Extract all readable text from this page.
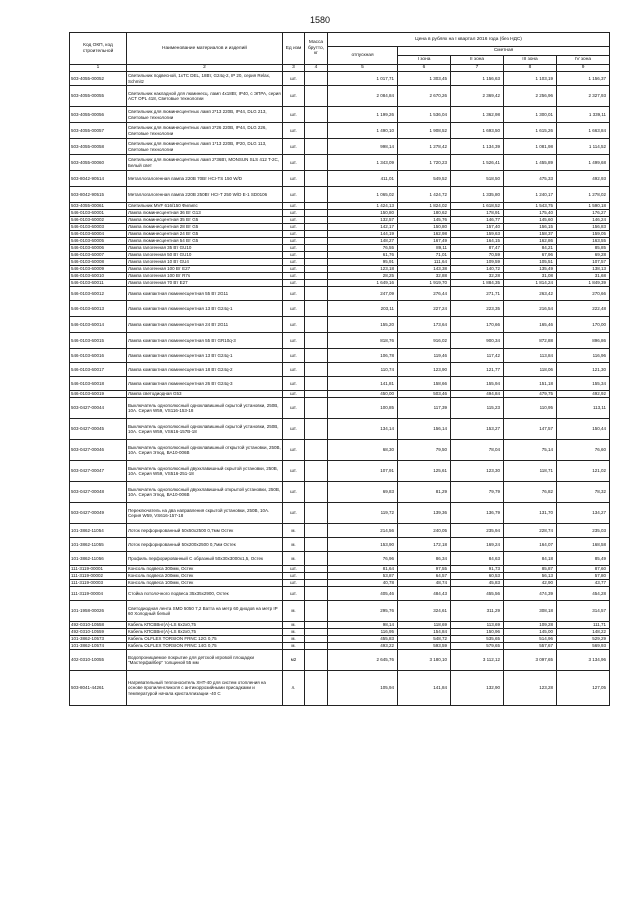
1580
Код ОКП, код строительной	Наименование материалов и изделий	Ед изм	Масса брутто, кг	Цена в рублях на I квартал 2016 года (без НДС)				
				отпускная	Сметная			
					I зона	II зона	III зона	IV зона
1	2	3	4	5	6	7	8	9
503-4055-00052	Светильник подвесной, 1хТС DEL, 18Вт, G24q-2, IP 20, серия Relax, Schmitz	шт.		1 017,71	1 303,45	1 156,63	1 103,19	1 156,37
503-4055-00055	Светильник накладной для люминесц. ламп 4х18Вт, IP40, с ЭПРА, серия ACT OPL 418, Световые технологии	шт.		2 084,84	2 670,26	2 369,42	2 256,96	2 327,93
503-4055-00056	Светильник для люминесцентных ламп 2*13 220В, IP44, DLG 213, Световые технологии	шт.		1 199,26	1 536,04	1 362,98	1 300,01	1 339,11
503-4055-00057	Светильник для люминесцентных ламп 2*26 220В, IP44, DLG 226, Световые технологии	шт.		1 490,10	1 908,52	1 693,50	1 615,26	1 663,84
503-4055-00058	Светильник для люминесцентных ламп 1*13 220В, IP20, DLG 113, Световые технологии	шт.		998,14	1 278,42	1 134,39	1 081,98	1 114,52
503-4055-00060	Светильник для люминесцентных ламп 2*36Вт, MONSUN SLS 412 T-2C, Белый свет	шт.		1 343,09	1 720,23	1 526,41	1 455,89	1 499,68
503-8042-90514	Металлогалогенная лампа 220В 70Вт HCI-TS 150 W/D	шт.		411,01	549,52	518,50	475,33	492,93
503-8042-90515	Металлогалогенная лампа 220В 250Вт HCI-T 250 W/D E-1 SD0106	шт.		1 065,02	1 424,72	1 335,80	1 240,17	1 278,02
503-4055-00061	Светильник MVF 616/150 Филипс	шт.		1 424,13	1 824,02	1 618,52	1 543,75	1 590,18
546-0103-60001	Лампа люминесцентная 36 Вт G13	шт.		150,80	180,62	178,91	175,40	176,27
546-0103-60002	Лампа люминесцентная 35 Вт G5	шт.		132,57	145,76	146,77	145,60	146,24
546-0103-60003	Лампа люминесцентная 28 Вт G5	шт.		142,17	150,80	157,40	156,15	156,83
546-0103-60004	Лампа люминесцентная 24 Вт G5	шт.		144,19	162,98	159,63	158,37	159,05
546-0103-60005	Лампа люминесцентная 54 Вт G5	шт.		148,27	167,49	164,15	162,86	163,55
546-0103-60006	Лампа галогенная 35 Вт GU10	шт.		76,55	89,11	87,47	84,21	85,85
546-0103-60007	Лампа галогенная 50 Вт GU10	шт.		61,76	71,01	70,59	67,96	69,28
546-0103-60008	Лампа галогенная 10 Вт GU4	шт.		95,91	111,64	109,59	105,51	107,57
546-0103-60009	Лампа галогенная 100 Вт E27	шт.		123,18	143,38	140,72	135,49	138,13
546-0103-60010	Лампа галогенная 100 Вт R7s	шт.		28,25	32,88	32,28	31,08	31,68
546-0103-60011	Лампа галогенная 70 Вт E27	шт.		1 649,16	1 919,70	1 884,35	1 814,24	1 849,39
546-0103-60012	Лампа компактная люминесцентная 55 Вт 2G11	шт.		247,09	276,44	271,71	263,42	270,66
546-0103-60013	Лампа компактная люминесцентная 13 Вт G24q-1	шт.		203,11	227,24	223,35	216,54	222,48
546-0103-60014	Лампа компактная люминесцентная 24 Вт 2G11	шт.		155,20	173,64	170,66	165,46	170,00
546-0103-60015	Лампа компактная люминесцентная 55 Вт GR10q-3	шт.		818,76	916,02	900,34	872,88	896,86
546-0103-60016	Лампа компактная люминесцентная 13 Вт G24q-1	шт.		106,78	119,46	117,42	113,84	116,96
546-0103-60017	Лампа компактная люминесцентная 18 Вт G24q-2	шт.		110,74	123,90	121,77	118,06	121,30
546-0103-60018	Лампа компактная люминесцентная 26 Вт G24q-3	шт.		141,81	158,66	155,94	151,18	155,34
546-0103-60019	Лампа светодиодная G53	шт.		450,00	503,46	494,84	479,75	492,92
503-0427-00044	Выключатель однополюсный одноклавишный скрытой установки, 250В, 10А. Серия W59, VS116-153-18	шт.		100,85	117,39	115,23	110,95	113,11
503-0427-00045	Выключатель однополюсный одноклавишный скрытой установки, 250В, 10А. Серия W59, VS616-157B-18	шт.		134,14	156,14	153,27	147,57	150,44
503-0427-00046	Выключатель однополюсный одноклавишный открытой установки, 250В, 10А. Серия Этюд, ВА10-006В	шт.		68,30	79,50	78,04	75,14	76,60
503-0427-00047	Выключатель однополюсный двухклавишный скрытой установки, 250В, 10А. Серия W59, VS516-251-18	шт.		107,91	125,61	123,30	118,71	121,02
503-0427-00048	Выключатель однополюсный двухклавишный открытой установки, 250В, 10А. Серия Этюд, ВА10-006В	шт.		69,83	81,29	79,79	76,82	78,32
503-0427-00049	Переключатель на два направления скрытой установки, 250В, 10А. Серия W59, VS616-157-18	шт.		119,72	139,36	136,79	131,70	134,27
101-3862-11054	Лоток перфорированный 50х50х2500 0,7мм Остек	м.		214,56	240,05	235,94	228,74	235,03
101-3862-11055	Лоток перфорированный 50х200х2500 0,7мм Остек	м.		153,90	172,18	169,24	164,07	168,58
101-3862-11056	Профиль перфорированный С образный 50х30х3000х1,5, Остек	м.		76,96	86,34	84,63	84,18	85,49
111-3119-00001	Консоль подвеса 300мм, Остек	шт.		81,64	97,55	91,73	85,87	87,60
111-3119-00002	Консоль подвеса 200мм, Остек	шт.		53,87	64,57	60,53	56,13	57,80
111-3119-00003	Консоль подвеса 100мм, Остек	шт.		40,78	48,74	45,83	42,90	43,77
111-3119-00004	Стойка потолочного подвеса 35х35х2900, Остек	шт.		405,46	484,43	455,56	474,39	454,28
101-1958-00026	Светодиодная лента SMD 5050 7,2 Ватта на метр 60 диодов на метр IP 60 Холодный белый	м.		295,76	324,61	311,29	308,18	314,57
492-0310-10558	Кабель КПСВВнг(А)-LS 6х2х0,75	м.		98,14	118,69	113,69	109,28	111,71
492-0310-10559	Кабель КПСВВнг(А)-LS 8х2х0,75	м.		116,95	154,84	150,96	145,00	148,22
101-3862-10573	Кабель OLFLEX TORSION FRNC 12G 0,75	м.		455,83	548,72	535,65	514,96	529,29
101-3862-10574	Кабель OLFLEX TORSION FRNC 14G 0,75	м.		493,22	593,59	579,65	557,67	569,93
402-0310-10055	Водопроницаемое покрытие для детской игровой площадки "Мастерфайбер" толщиной 55 мм	м2		2 645,76	3 180,10	3 112,12	3 097,65	3 134,96
503-8041-44261	Нагревательный теплоноситель XHT-40 для систем отопления на основе пропиленгликоля с антикоррозийными присадками и температурой начала кристаллизации -40 С	л.		105,94	141,84	132,90	123,28	127,05
